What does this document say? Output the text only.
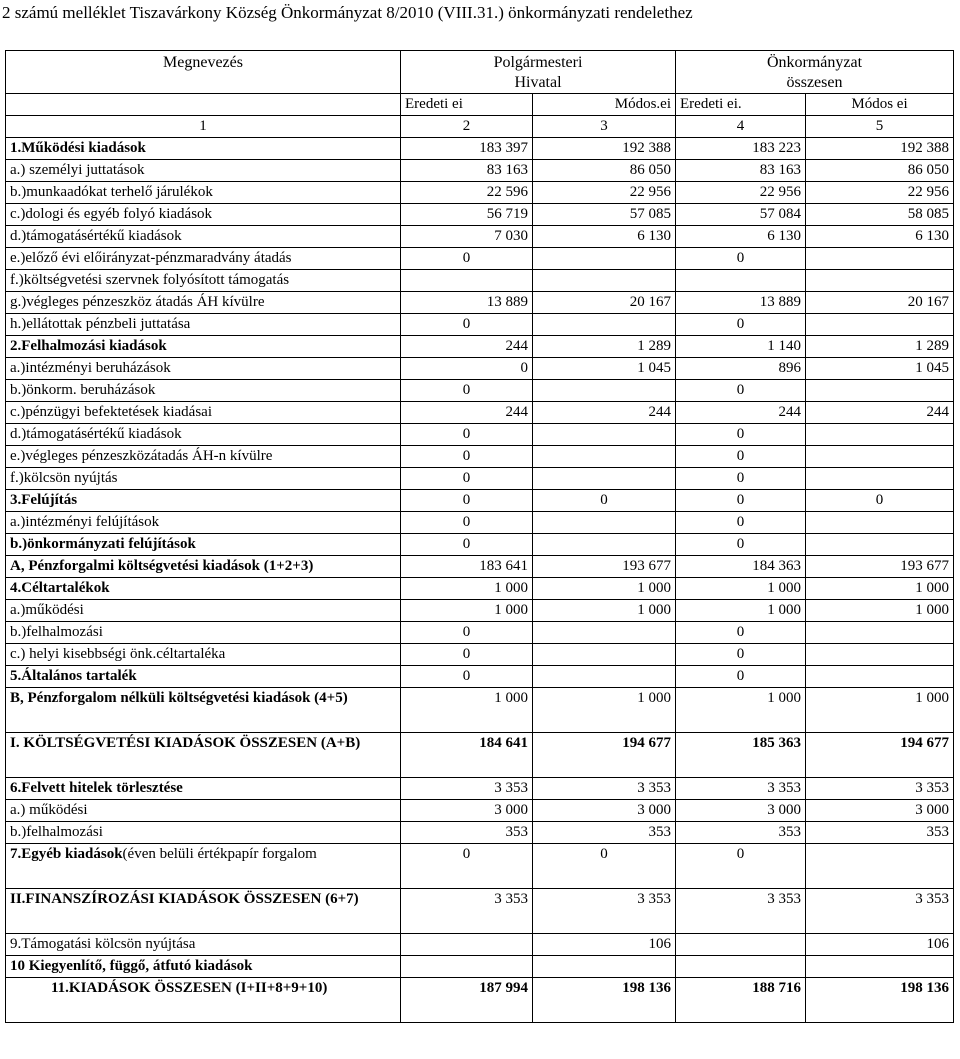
2 számú melléklet Tiszavárkony Község Önkormányzat 8/2010 (VIII.31.) önkormányzati rendelethez
Megnevezés	Polgármesteri Hivatal		Önkormányzat összesen	
	Eredeti ei	Módos.ei	Eredeti ei.	Módos ei
1	2	3	4	5
1.Működési kiadások	183 397	192 388	183 223	192 388
a.) személyi juttatások	83 163	86 050	83 163	86 050
b.)munkaadókat terhelő járulékok	22 596	22 956	22 956	22 956
c.)dologi és egyéb folyó kiadások	56 719	57 085	57 084	58 085
d.)támogatásértékű kiadások	7 030	6 130	6 130	6 130
e.)előző évi előirányzat-pénzmaradvány átadás	0		0	
f.)költségvetési szervnek folyósított támogatás				
g.)végleges pénzeszköz átadás ÁH kívülre	13 889	20 167	13 889	20 167
h.)ellátottak pénzbeli juttatása	0		0	
2.Felhalmozási kiadások	244	1 289	1 140	1 289
a.)intézményi beruházások	0	1 045	896	1 045
b.)önkorm. beruházások	0		0	
c.)pénzügyi befektetések kiadásai	244	244	244	244
d.)támogatásértékű kiadások	0		0	
e.)végleges pénzeszközátadás ÁH-n kívülre	0		0	
f.)kölcsön nyújtás	0		0	
3.Felújítás	0	0	0	0
a.)intézményi felújítások	0		0	
b.)önkormányzati felújítások	0		0	
A, Pénzforgalmi költségvetési kiadások (1+2+3)	183 641	193 677	184 363	193 677
4.Céltartalékok	1 000	1 000	1 000	1 000
a.)működési	1 000	1 000	1 000	1 000
b.)felhalmozási	0		0	
c.) helyi kisebbségi önk.céltartaléka	0		0	
5.Általános tartalék	0		0	
B, Pénzforgalom nélküli költségvetési kiadások (4+5)	1 000	1 000	1 000	1 000
I. KÖLTSÉGVETÉSI KIADÁSOK ÖSSZESEN (A+B)	184 641	194 677	185 363	194 677
6.Felvett hitelek törlesztése	3 353	3 353	3 353	3 353
a.) működési	3 000	3 000	3 000	3 000
b.)felhalmozási	353	353	353	353
7.Egyéb kiadások(éven belüli értékpapír forgalom	0	0	0	
II.FINANSZÍROZÁSI KIADÁSOK ÖSSZESEN (6+7)	3 353	3 353	3 353	3 353
9.Támogatási kölcsön nyújtása		106		106
10 Kiegyenlítő, függő, átfutó kiadások				
11.KIADÁSOK ÖSSZESEN (I+II+8+9+10)	187 994	198 136	188 716	198 136
